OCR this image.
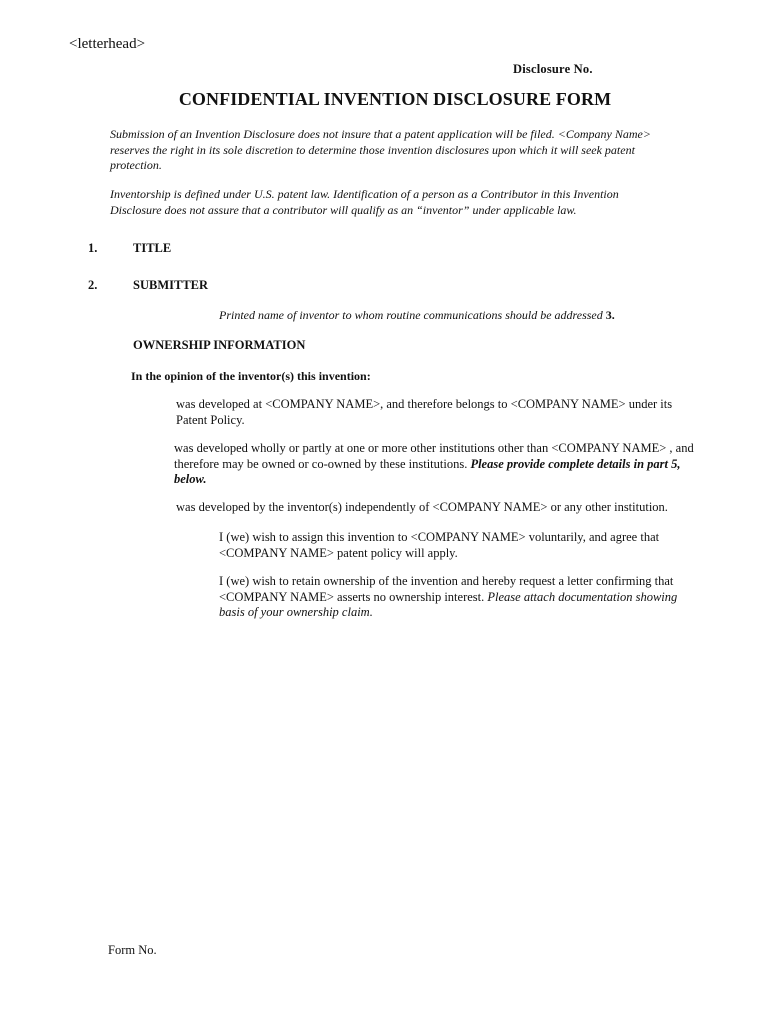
<letterhead>
Disclosure No.
CONFIDENTIAL INVENTION DISCLOSURE FORM
Submission of an Invention Disclosure does not insure that a patent application will be filed. <Company Name> reserves the right in its sole discretion to determine those invention disclosures upon which it will seek patent protection.
Inventorship is defined under U.S. patent law. Identification of a person as a Contributor in this Invention Disclosure does not assure that a contributor will qualify as an “inventor” under applicable law.
1.	TITLE
2.	SUBMITTER
Printed name of inventor to whom routine communications should be addressed 3.
OWNERSHIP INFORMATION
In the opinion of the inventor(s) this invention:
was developed at <COMPANY NAME>, and therefore belongs to <COMPANY NAME> under its Patent Policy.
was developed wholly or partly at one or more other institutions other than <COMPANY NAME> , and therefore may be owned or co-owned by these institutions. Please provide complete details in part 5, below.
was developed by the inventor(s) independently of <COMPANY NAME> or any other institution.
I (we) wish to assign this invention to <COMPANY NAME> voluntarily, and agree that <COMPANY NAME> patent policy will apply.
I (we) wish to retain ownership of the invention and hereby request a letter confirming that <COMPANY NAME> asserts no ownership interest. Please attach documentation showing basis of your ownership claim.
Form No.
